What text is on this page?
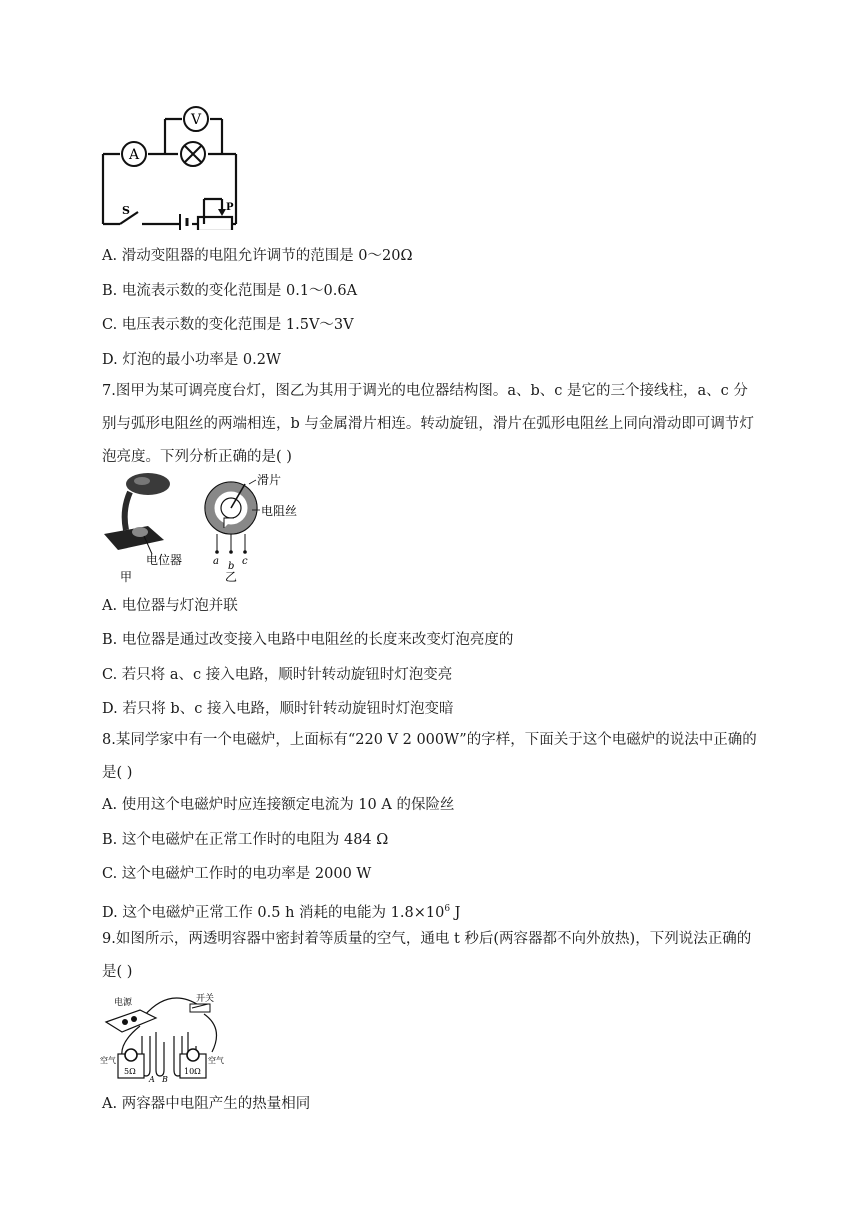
A
V
S	P
A. 滑动变阻器的电阻允许调节的范围是 0～20Ω
B. 电流表示数的变化范围是 0.1～0.6A
C. 电压表示数的变化范围是 1.5V～3V
D. 灯泡的最小功率是 0.2W
7.图甲为某可调亮度台灯，图乙为其用于调光的电位器结构图。a、b、c 是它的三个接线柱，a、c 分别与弧形电阻丝的两端相连，b 与金属滑片相连。转动旋钮，滑片在弧形电阻丝上同向滑动即可调节灯泡亮度。下列分析正确的是( )
电位器
甲
滑片
电阻丝
a b c
乙
A. 电位器与灯泡并联
B. 电位器是通过改变接入电路中电阻丝的长度来改变灯泡亮度的
C. 若只将 a、c 接入电路，顺时针转动旋钮时灯泡变亮
D. 若只将 b、c 接入电路，顺时针转动旋钮时灯泡变暗
8.某同学家中有一个电磁炉，上面标有“220 V 2 000W”的字样，下面关于这个电磁炉的说法中正确的是( )
A. 使用这个电磁炉时应连接额定电流为 10 A 的保险丝
B. 这个电磁炉在正常工作时的电阻为 484 Ω
C. 这个电磁炉工作时的电功率是 2000 W
D. 这个电磁炉正常工作 0.5 h 消耗的电能为 $1.8\times 10^6$ J
9.如图所示，两透明容器中密封着等质量的空气，通电 t 秒后(两容器都不向外放热)，下列说法正确的是( )
电源	开关
空气	空气
5Ω	10Ω
A B
A. 两容器中电阻产生的热量相同
